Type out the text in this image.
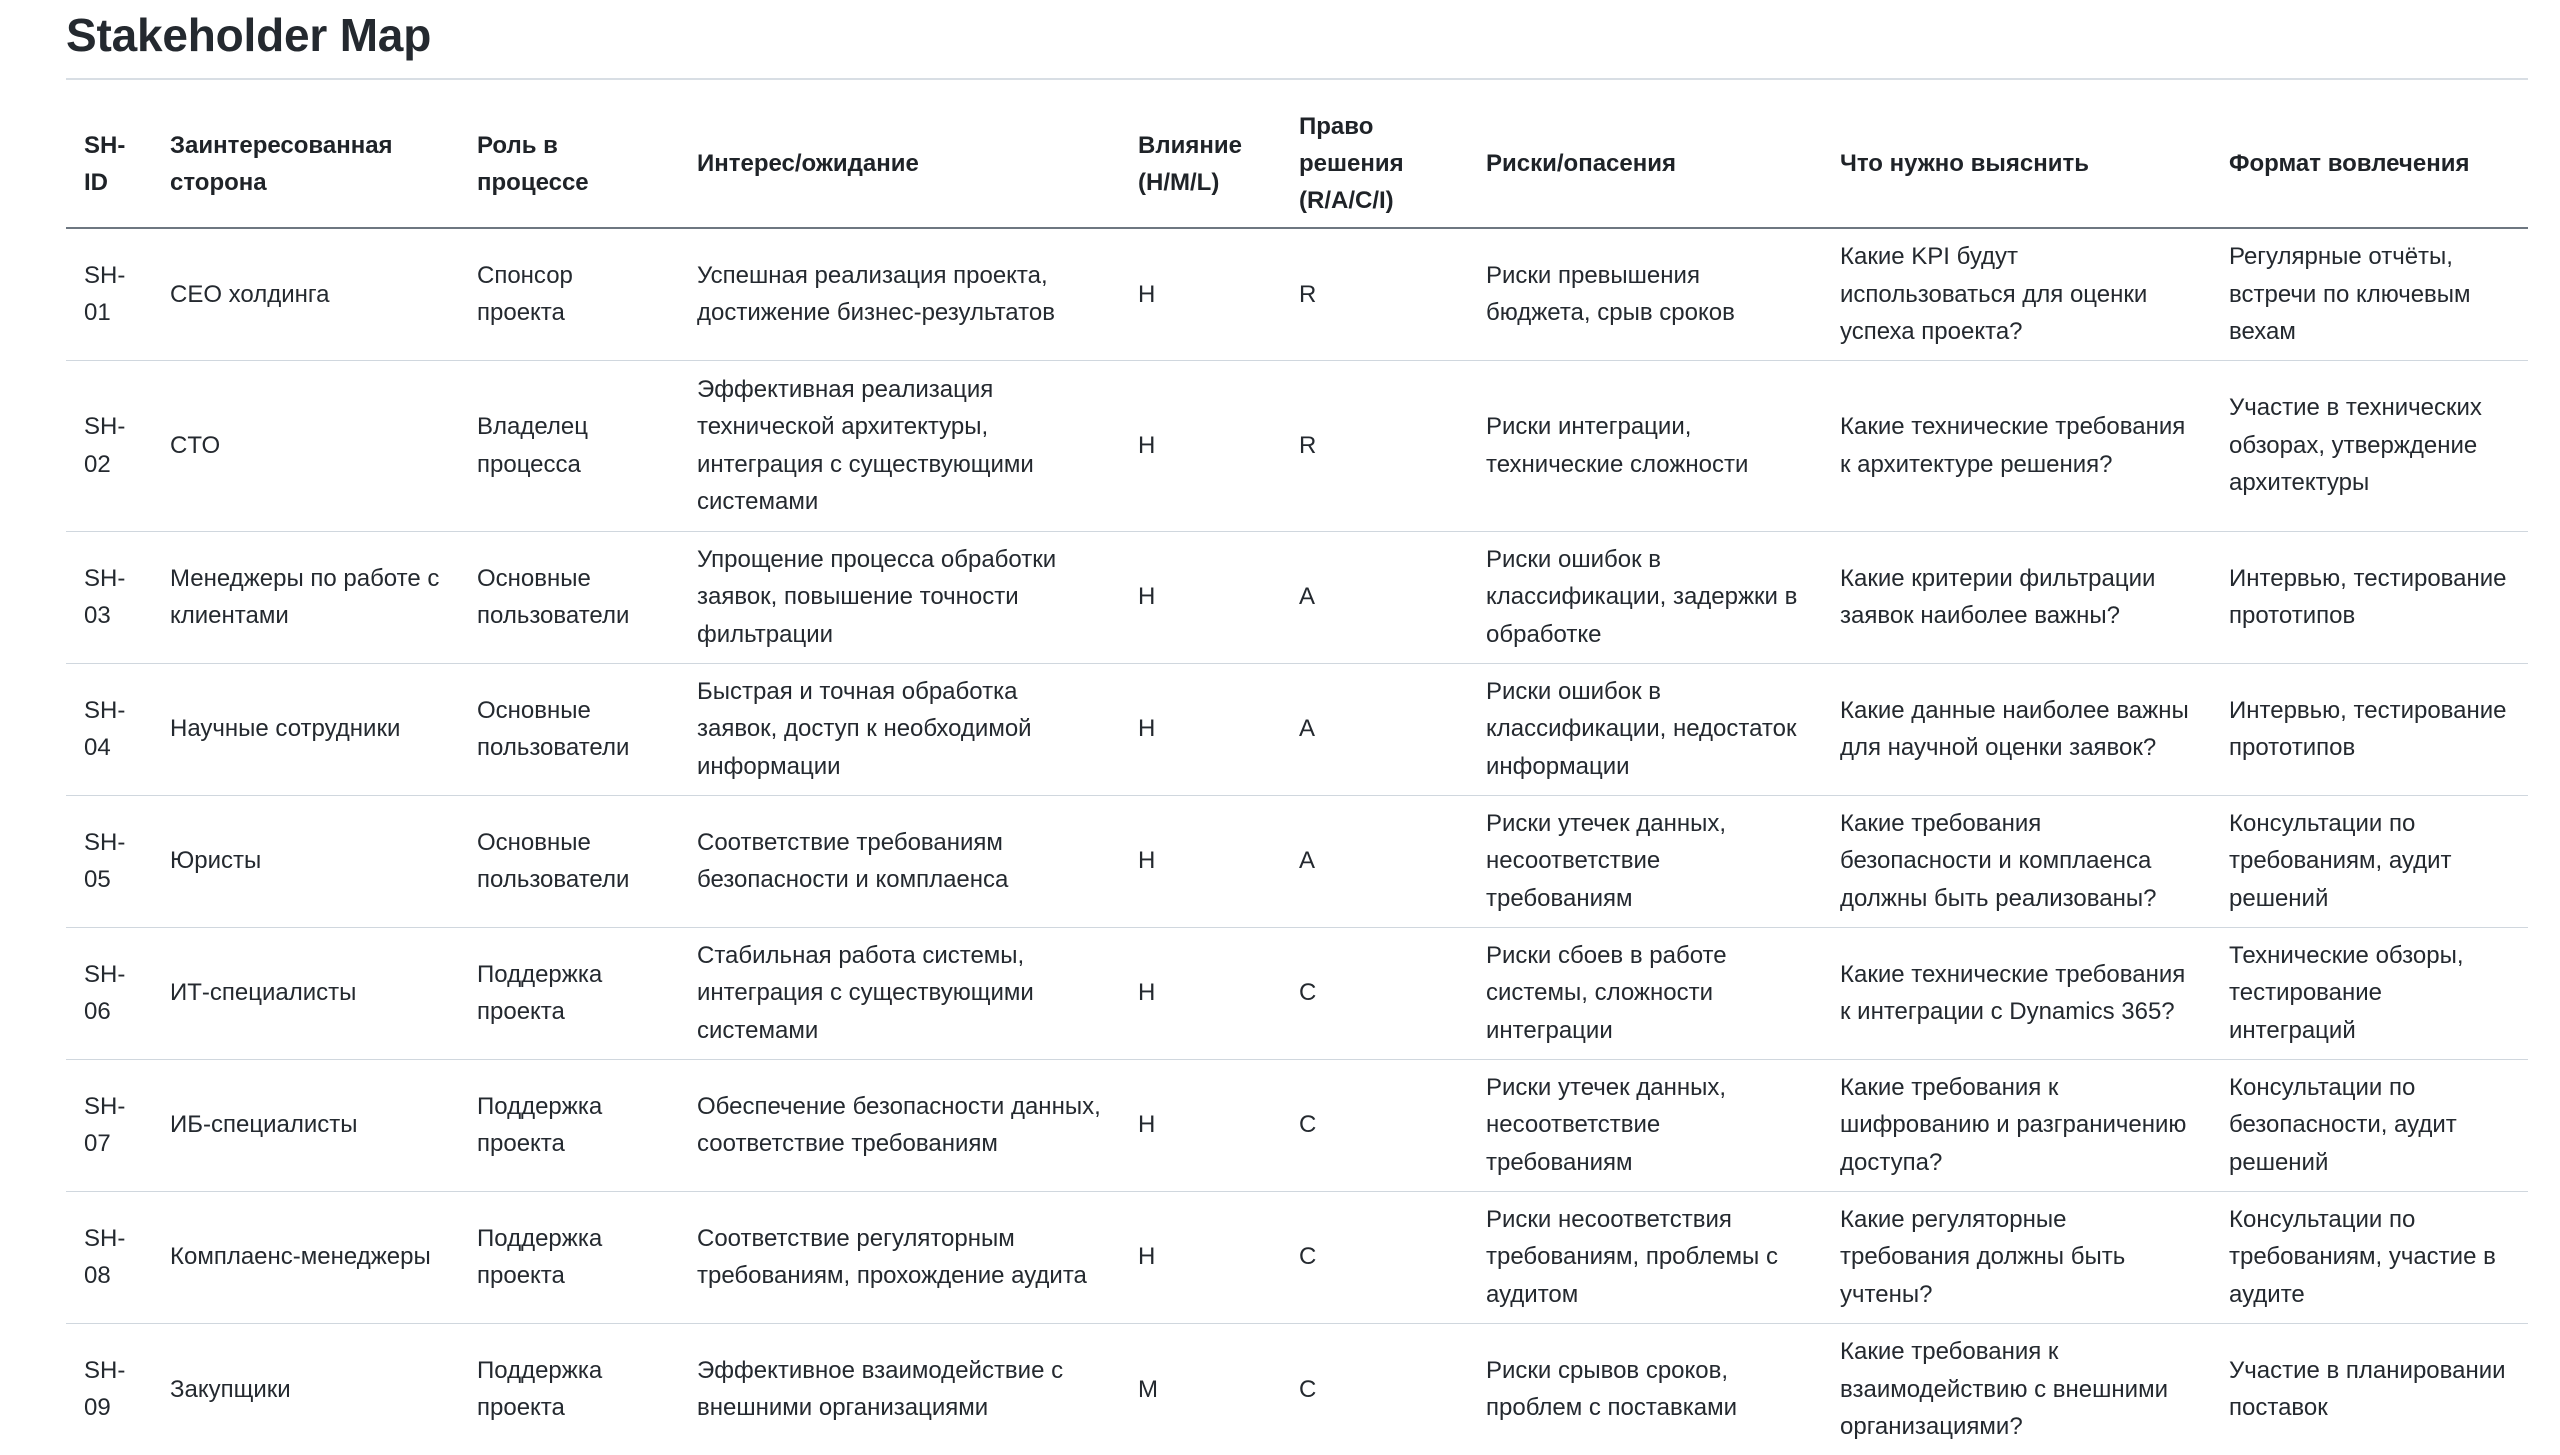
Stakeholder Map
SH-ID	Заинтересованная сторона	Роль в процессе	Интерес/ожидание	Влияние (H/M/L)	Право решения (R/A/C/I)	Риски/опасения	Что нужно выяснить	Формат вовлечения
SH-01	CEO холдинга	Спонсор проекта	Успешная реализация проекта, достижение бизнес-результатов	H	R	Риски превышения бюджета, срыв сроков	Какие KPI будут использоваться для оценки успеха проекта?	Регулярные отчёты, встречи по ключевым вехам
SH-02	CTO	Владелец процесса	Эффективная реализация технической архитектуры, интеграция с существующими системами	H	R	Риски интеграции, технические сложности	Какие технические требования к архитектуре решения?	Участие в технических обзорах, утверждение архитектуры
SH-03	Менеджеры по работе с клиентами	Основные пользователи	Упрощение процесса обработки заявок, повышение точности фильтрации	H	A	Риски ошибок в классификации, задержки в обработке	Какие критерии фильтрации заявок наиболее важны?	Интервью, тестирование прототипов
SH-04	Научные сотрудники	Основные пользователи	Быстрая и точная обработка заявок, доступ к необходимой информации	H	A	Риски ошибок в классификации, недостаток информации	Какие данные наиболее важны для научной оценки заявок?	Интервью, тестирование прототипов
SH-05	Юристы	Основные пользователи	Соответствие требованиям безопасности и комплаенса	H	A	Риски утечек данных, несоответствие требованиям	Какие требования безопасности и комплаенса должны быть реализованы?	Консультации по требованиям, аудит решений
SH-06	ИТ-специалисты	Поддержка проекта	Стабильная работа системы, интеграция с существующими системами	H	C	Риски сбоев в работе системы, сложности интеграции	Какие технические требования к интеграции с Dynamics 365?	Технические обзоры, тестирование интеграций
SH-07	ИБ-специалисты	Поддержка проекта	Обеспечение безопасности данных, соответствие требованиям	H	C	Риски утечек данных, несоответствие требованиям	Какие требования к шифрованию и разграничению доступа?	Консультации по безопасности, аудит решений
SH-08	Комплаенс-менеджеры	Поддержка проекта	Соответствие регуляторным требованиям, прохождение аудита	H	C	Риски несоответствия требованиям, проблемы с аудитом	Какие регуляторные требования должны быть учтены?	Консультации по требованиям, участие в аудите
SH-09	Закупщики	Поддержка проекта	Эффективное взаимодействие с внешними организациями	M	C	Риски срывов сроков, проблем с поставками	Какие требования к взаимодействию с внешними организациями?	Участие в планировании поставок
